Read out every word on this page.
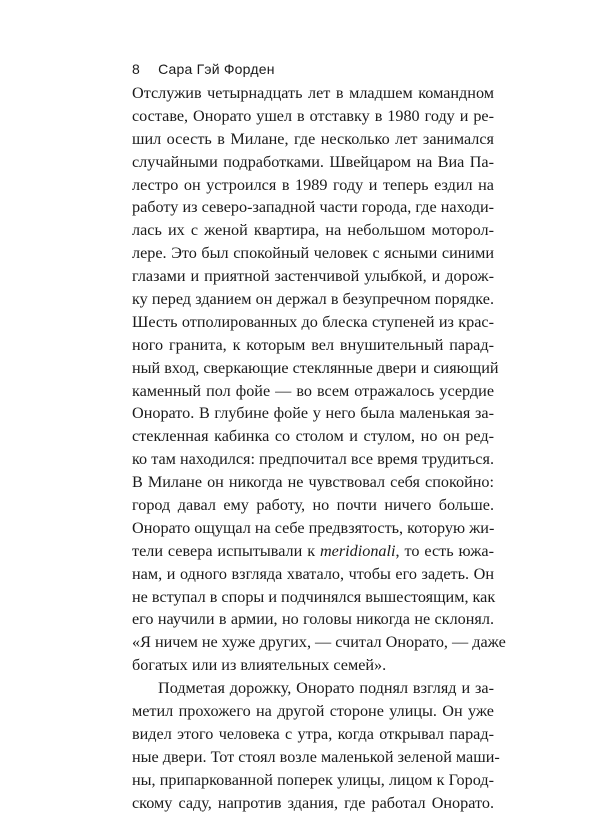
8 Сара Гэй Форден
Отслужив четырнадцать лет в младшем командном
составе, Онорато ушел в отставку в 1980 году и ре-
шил осесть в Милане, где несколько лет занимался
случайными подработками. Швейцаром на Виа Па-
лестро он устроился в 1989 году и теперь ездил на
работу из северо-западной части города, где находи-
лась их с женой квартира, на небольшом моторол-
лере. Это был спокойный человек с ясными синими
глазами и приятной застенчивой улыбкой, и дорож-
ку перед зданием он держал в безупречном порядке.
Шесть отполированных до блеска ступеней из крас-
ного гранита, к которым вел внушительный парад-
ный вход, сверкающие стеклянные двери и сияющий
каменный пол фойе — во всем отражалось усердие
Онорато. В глубине фойе у него была маленькая за-
стекленная кабинка со столом и стулом, но он ред-
ко там находился: предпочитал все время трудиться.
В Милане он никогда не чувствовал себя спокойно:
город давал ему работу, но почти ничего больше.
Онорато ощущал на себе предвзятость, которую жи-
тели севера испытывали к meridionali, то есть южа-
нам, и одного взгляда хватало, чтобы его задеть. Он
не вступал в споры и подчинялся вышестоящим, как
его научили в армии, но головы никогда не склонял.
«Я ничем не хуже других, — считал Онорато, — даже
богатых или из влиятельных семей».
Подметая дорожку, Онорато поднял взгляд и за-
метил прохожего на другой стороне улицы. Он уже
видел этого человека с утра, когда открывал парад-
ные двери. Тот стоял возле маленькой зеленой маши-
ны, припаркованной поперек улицы, лицом к Город-
скому саду, напротив здания, где работал Онорато.
